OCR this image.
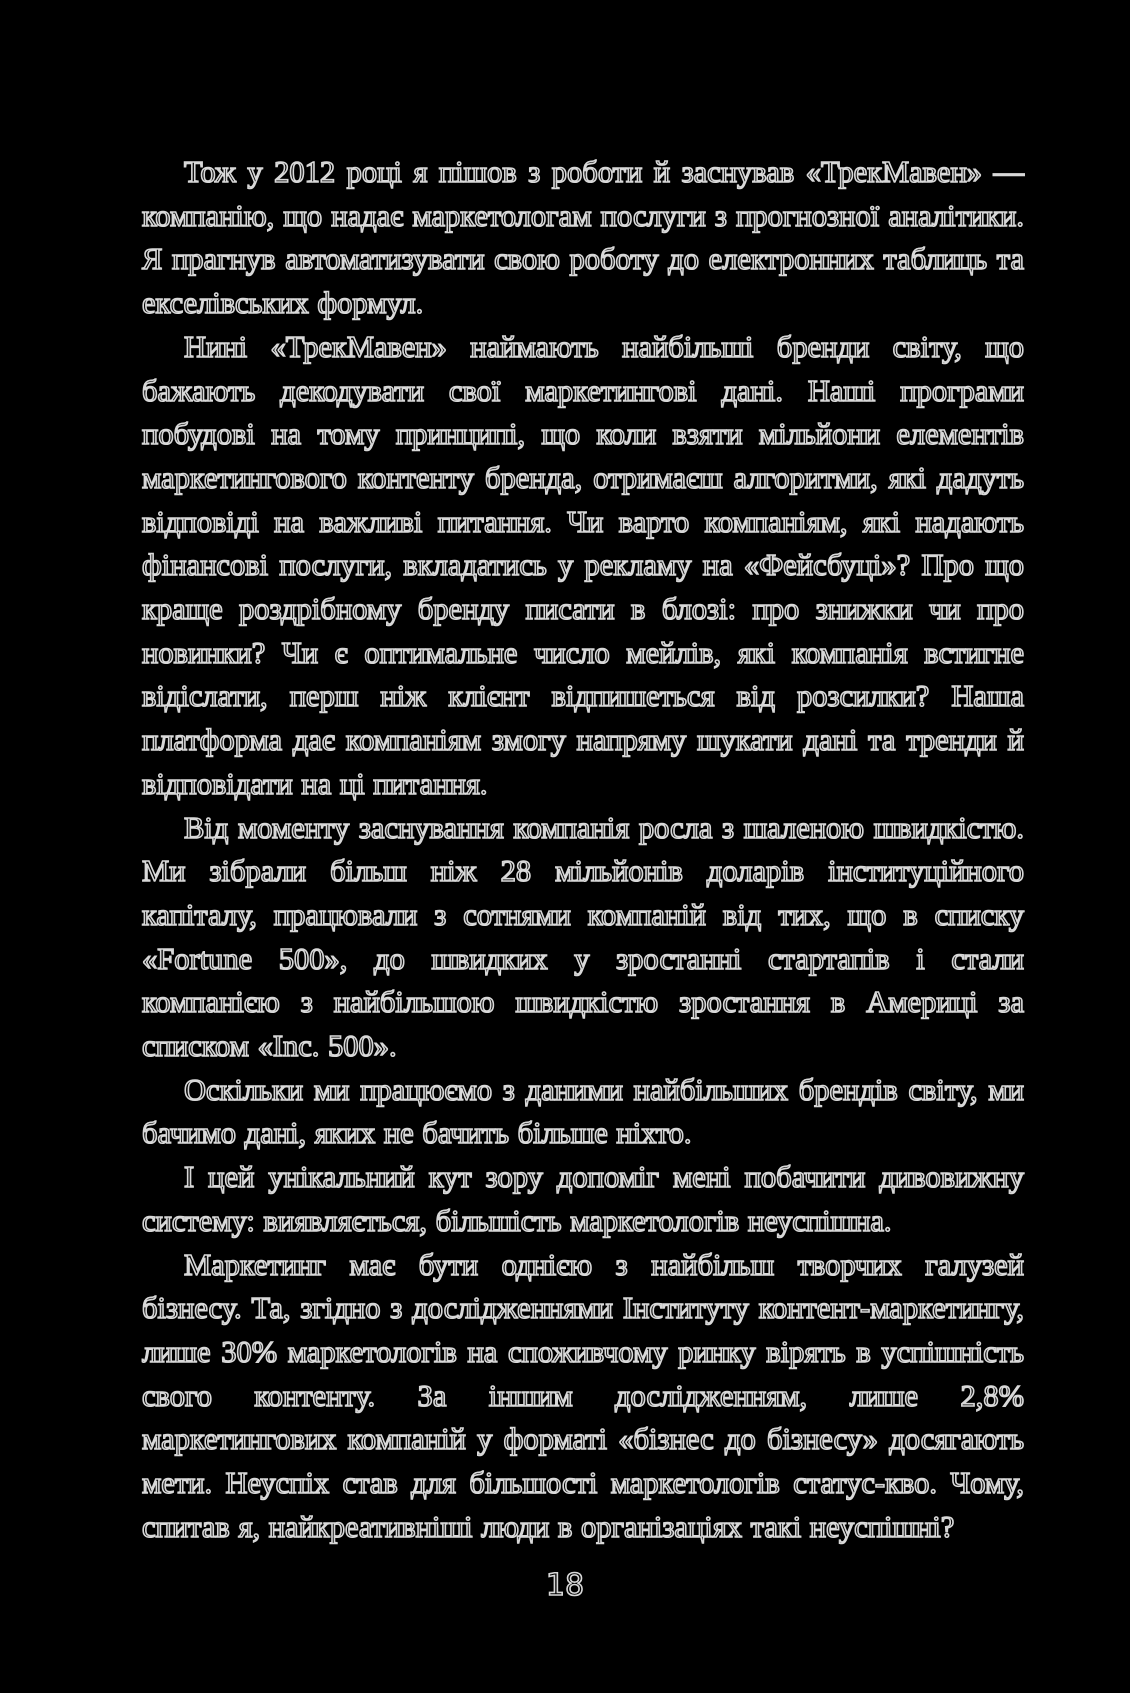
Тож у 2012 році я пішов з роботи й заснував «ТрекМавен» — компанію, що надає маркетологам послуги з прогнозної аналітики. Я прагнув автоматизувати свою роботу до електронних таблиць та екселівських формул.

Нині «ТрекМавен» наймають найбільші бренди світу, що бажають декодувати свої маркетингові дані. Наші програми побудові на тому принципі, що коли взяти мільйони елементів маркетингового контенту бренда, отримаєш алгоритми, які дадуть відповіді на важливі питання. Чи варто компаніям, які надають фінансові послуги, вкладатись у рекламу на «Фейсбуці»? Про що краще роздрібному бренду писати в блозі: про знижки чи про новинки? Чи є оптимальне число мейлів, які компанія встигне відіслати, перш ніж клієнт відпишеться від розсилки? Наша платформа дає компаніям змогу напряму шукати дані та тренди й відповідати на ці питання.

Від моменту заснування компанія росла з шаленою швидкістю. Ми зібрали більш ніж 28 мільйонів доларів інституційного капіталу, працювали з сотнями компаній від тих, що в списку «Fortune 500», до швидких у зростанні стартапів і стали компанією з найбільшою швидкістю зростання в Америці за списком «Inc. 500».

Оскільки ми працюємо з даними найбільших брендів світу, ми бачимо дані, яких не бачить більше ніхто.

І цей унікальний кут зору допоміг мені побачити дивовижну систему: виявляється, більшість маркетологів неуспішна.

Маркетинг має бути однією з найбільш творчих галузей бізнесу. Та, згідно з дослідженнями Інституту контент-маркетингу, лише 30% маркетологів на споживчому ринку вірять в успішність свого контенту. За іншим дослідженням, лише 2,8% маркетингових компаній у форматі «бізнес до бізнесу» досягають мети. Неуспіх став для більшості маркетологів статус-кво. Чому, спитав я, найкреативніші люди в організаціях такі неуспішні?

18
